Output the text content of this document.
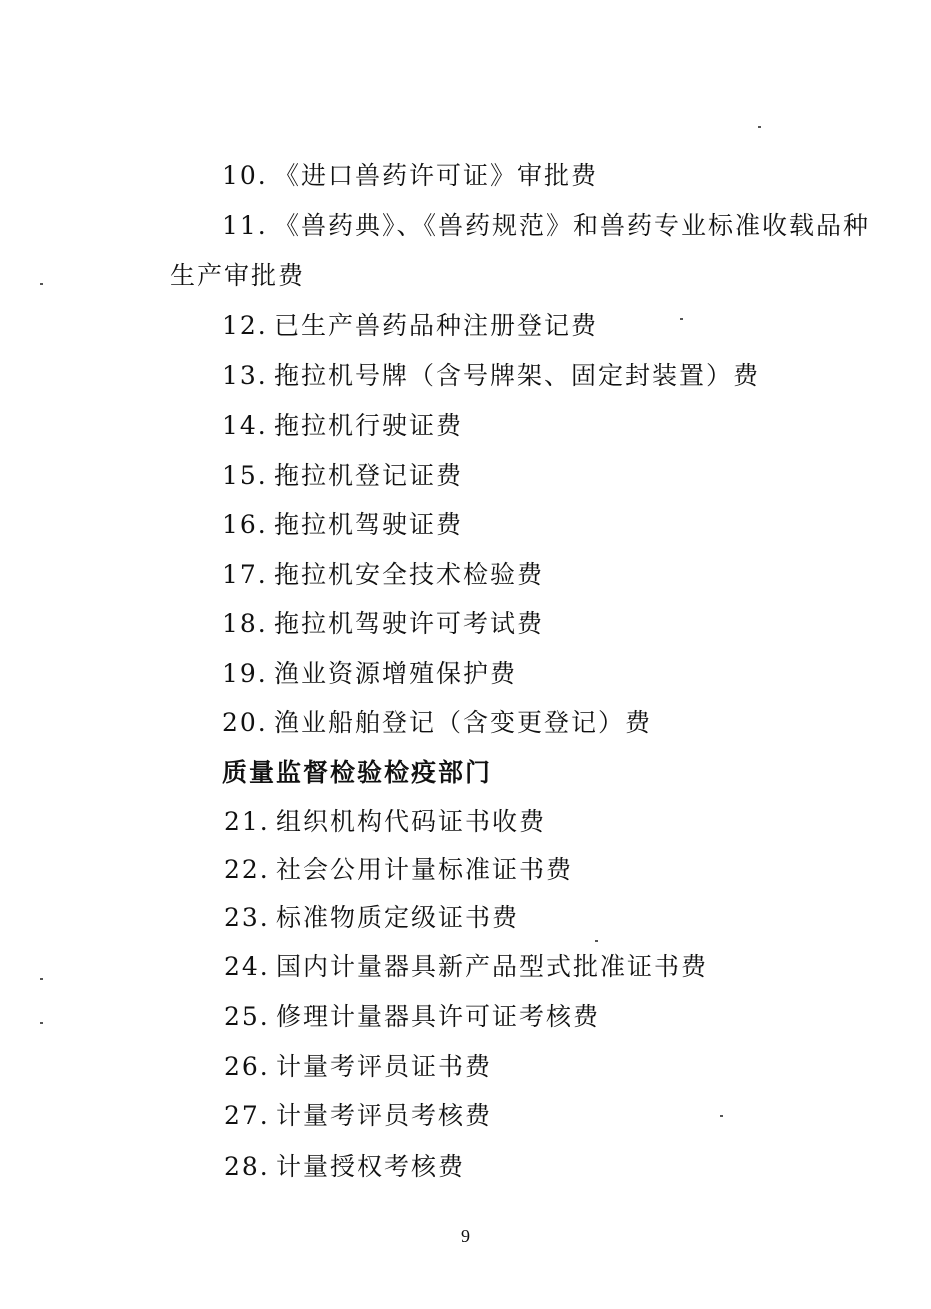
10. 《进口兽药许可证》审批费
11. 《兽药典》、《兽药规范》和兽药专业标准收载品种
生产审批费
12. 已生产兽药品种注册登记费
13. 拖拉机号牌（含号牌架、固定封装置）费
14. 拖拉机行驶证费
15. 拖拉机登记证费
16. 拖拉机驾驶证费
17. 拖拉机安全技术检验费
18. 拖拉机驾驶许可考试费
19. 渔业资源增殖保护费
20. 渔业船舶登记（含变更登记）费
质量监督检验检疫部门
21. 组织机构代码证书收费
22. 社会公用计量标准证书费
23. 标准物质定级证书费
24. 国内计量器具新产品型式批准证书费
25. 修理计量器具许可证考核费
26. 计量考评员证书费
27. 计量考评员考核费
28. 计量授权考核费
9
